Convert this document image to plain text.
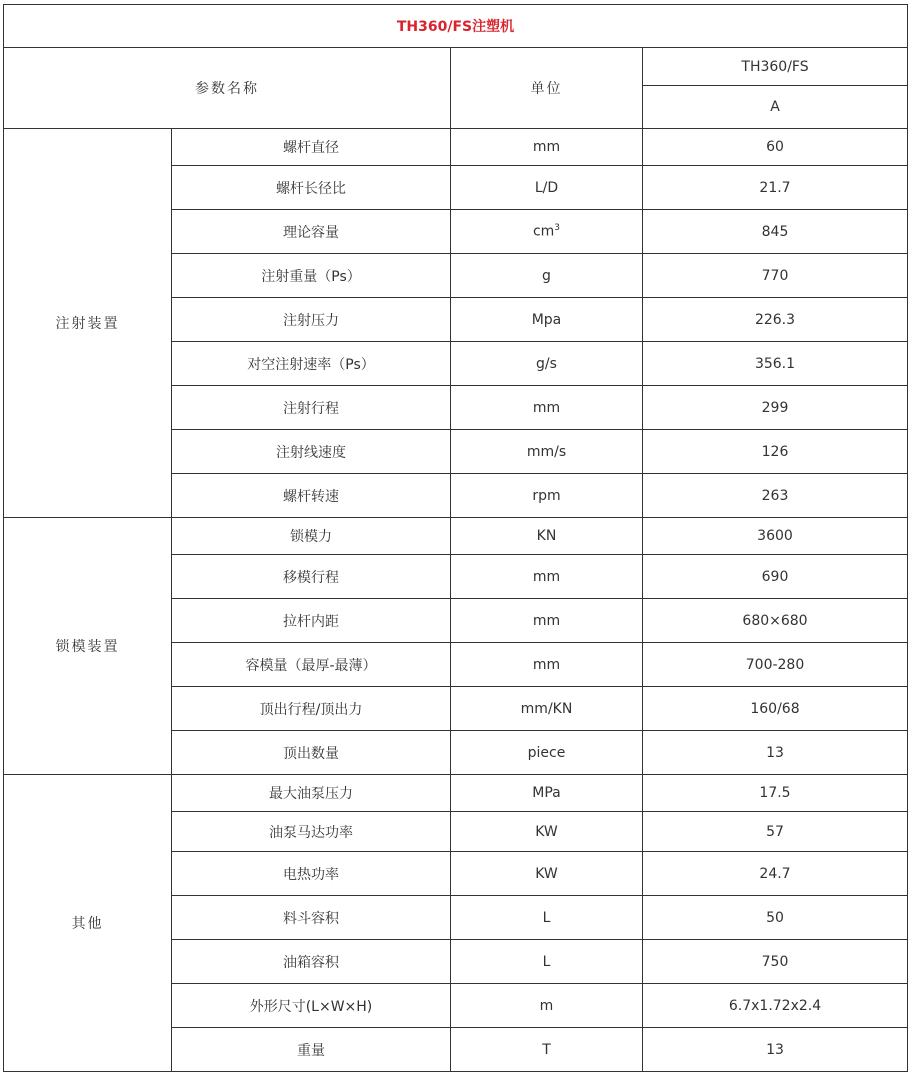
TH360/FS注塑机			
参数名称		单位	TH360/FS
			A
注射装置	螺杆直径	mm	60
	螺杆长径比	L/D	21.7
	理论容量	$cm^3$	845
	注射重量（Ps）	g	770
	注射压力	Mpa	226.3
	对空注射速率（Ps）	g/s	356.1
	注射行程	mm	299
	注射线速度	mm/s	126
	螺杆转速	rpm	263
锁模装置	锁模力	KN	3600
	移模行程	mm	690
	拉杆内距	mm	680×680
	容模量（最厚-最薄）	mm	700-280
	顶出行程/顶出力	mm/KN	160/68
	顶出数量	piece	13
其他	最大油泵压力	MPa	17.5
	油泵马达功率	KW	57
	电热功率	KW	24.7
	料斗容积	L	50
	油箱容积	L	750
	外形尺寸(L×W×H)	m	6.7x1.72x2.4
	重量	T	13
